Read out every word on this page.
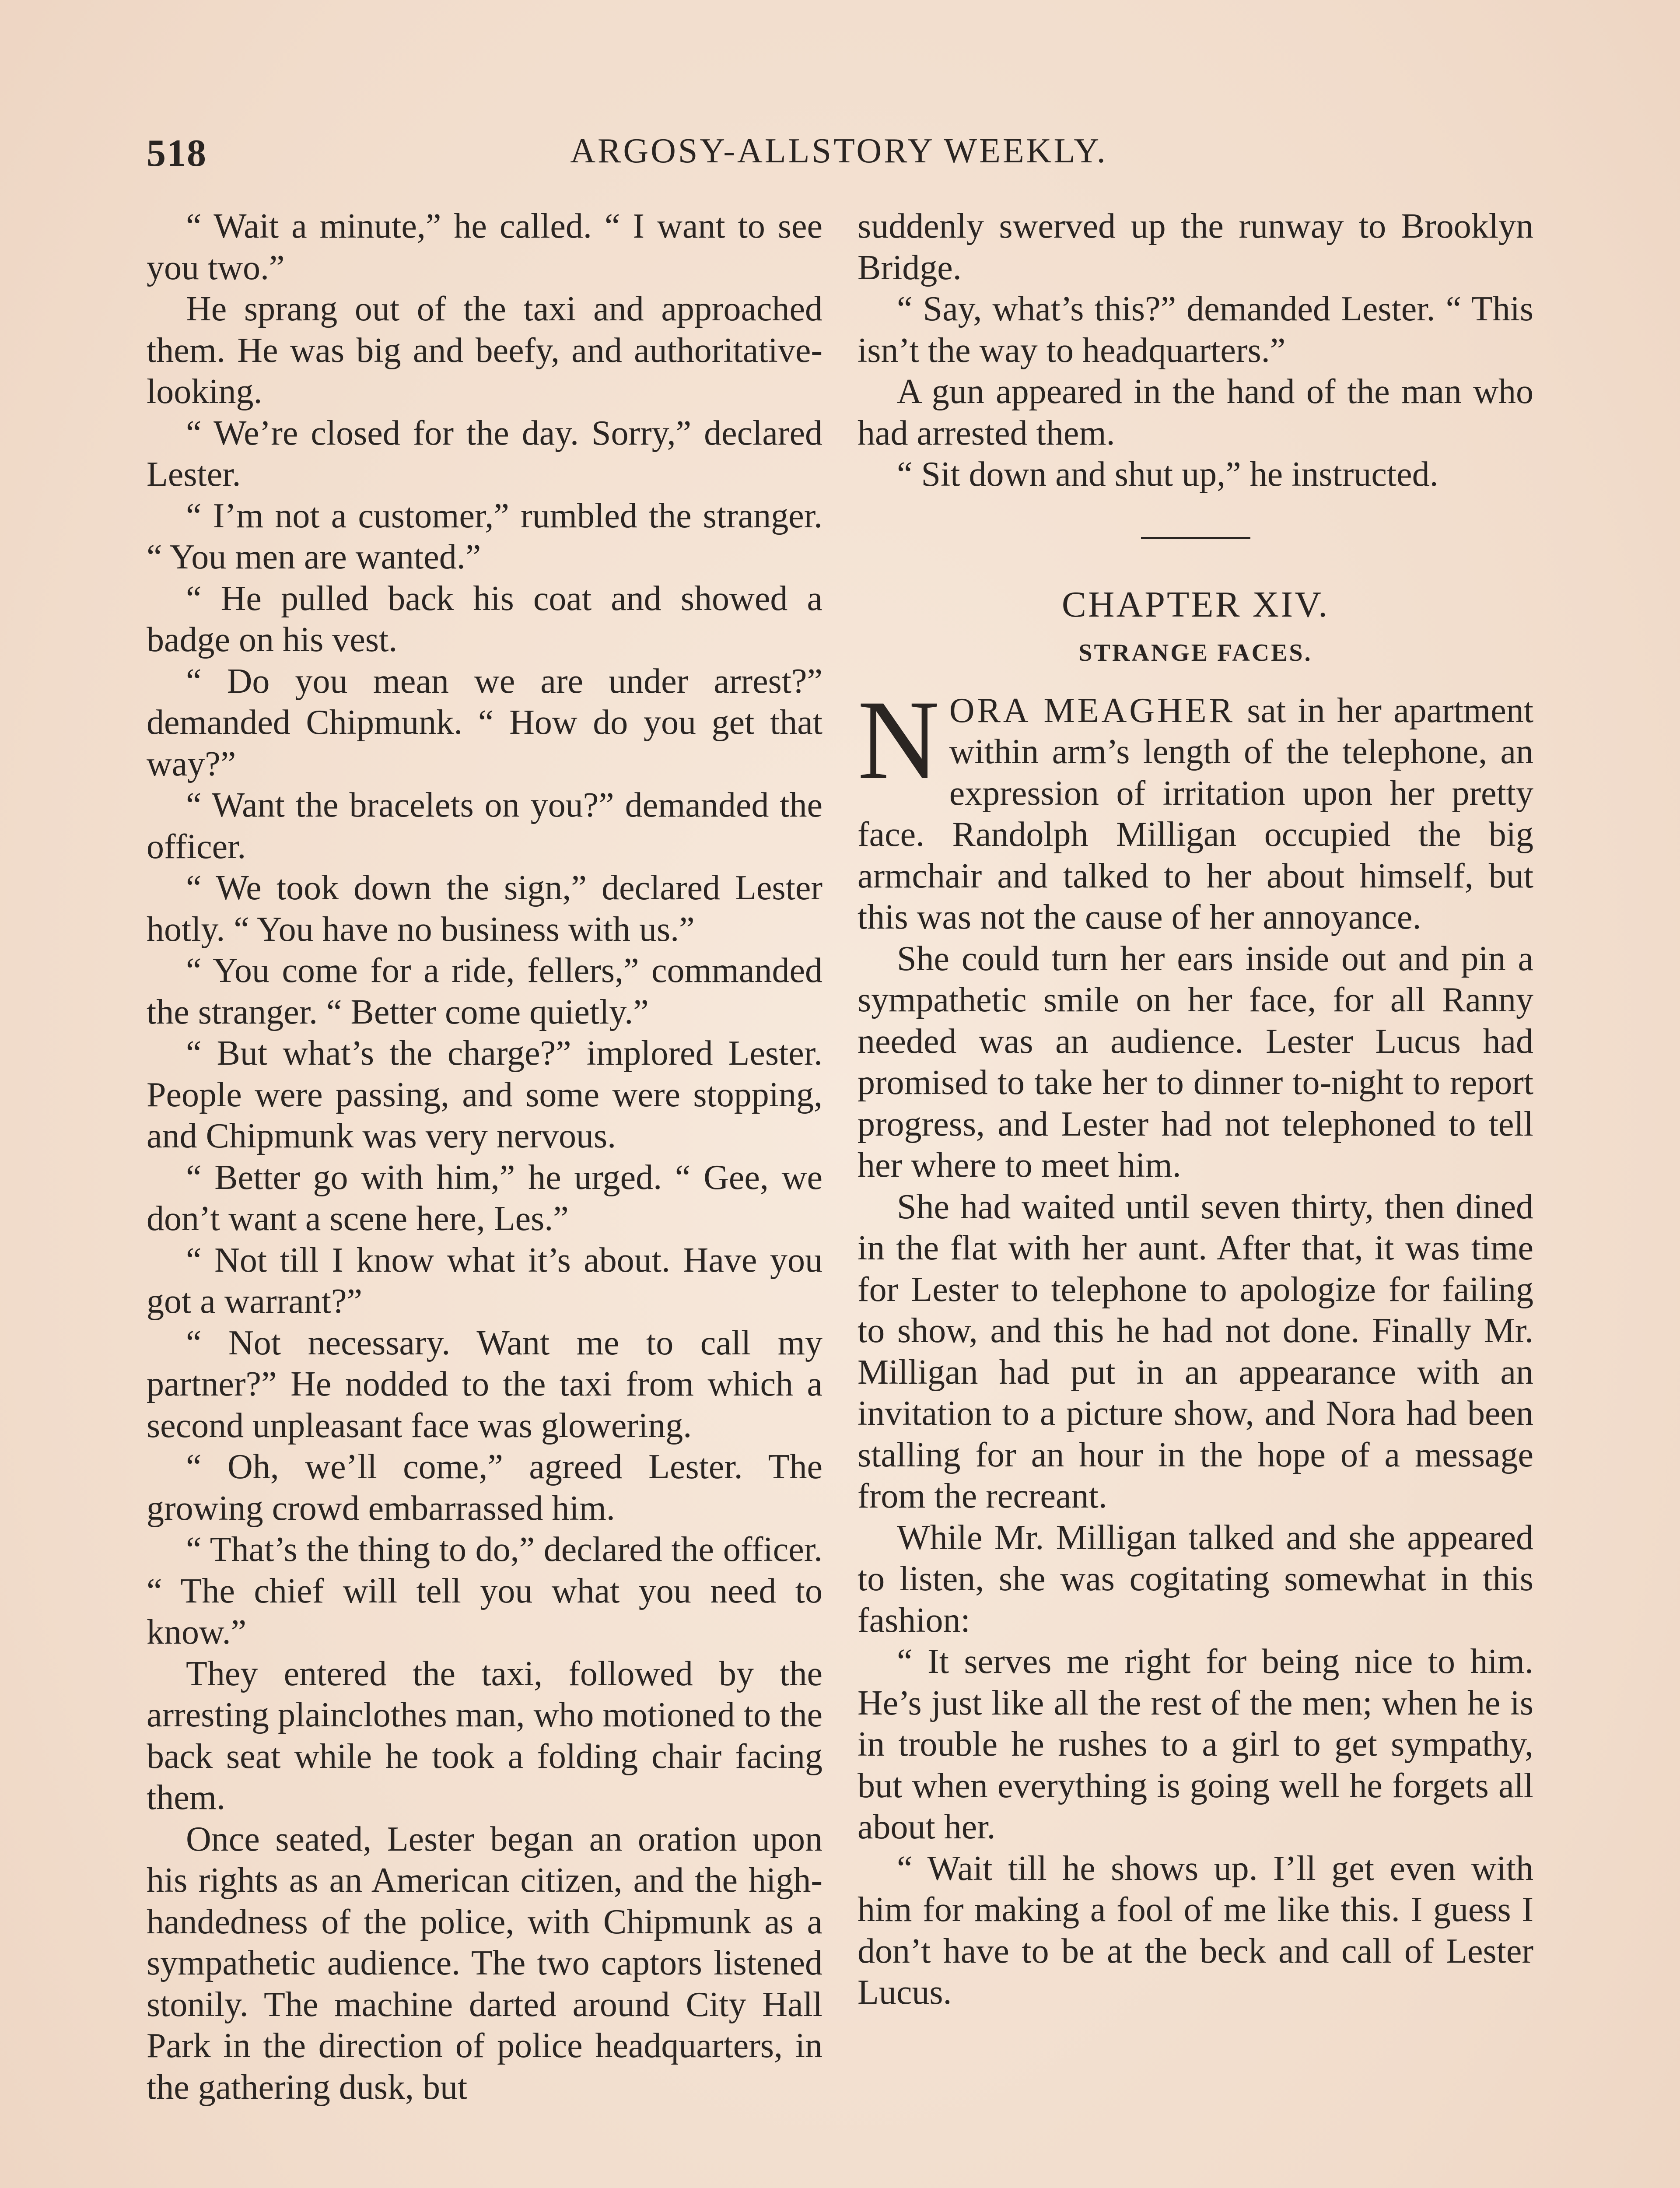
518	ARGOSY-ALLSTORY WEEKLY.

“ Wait a minute,” he called. “ I want to see you two.”

He sprang out of the taxi and approached them. He was big and beefy, and authoritative-looking.

“ We’re closed for the day. Sorry,” declared Lester.

“ I’m not a customer,” rumbled the stranger. “ You men are wanted.”

“ He pulled back his coat and showed a badge on his vest.

“ Do you mean we are under arrest?” demanded Chipmunk. “ How do you get that way?”

“ Want the bracelets on you?” demanded the officer.

“ We took down the sign,” declared Lester hotly. “ You have no business with us.”

“ You come for a ride, fellers,” commanded the stranger. “ Better come quietly.”

“ But what’s the charge?” implored Lester. People were passing, and some were stopping, and Chipmunk was very nervous.

“ Better go with him,” he urged. “ Gee, we don’t want a scene here, Les.”

“ Not till I know what it’s about. Have you got a warrant?”

“ Not necessary. Want me to call my partner?” He nodded to the taxi from which a second unpleasant face was glowering.

“ Oh, we’ll come,” agreed Lester. The growing crowd embarrassed him.

“ That’s the thing to do,” declared the officer. “ The chief will tell you what you need to know.”

They entered the taxi, followed by the arresting plainclothes man, who motioned to the back seat while he took a folding chair facing them.

Once seated, Lester began an oration upon his rights as an American citizen, and the high-handedness of the police, with Chipmunk as a sympathetic audience. The two captors listened stonily. The machine darted around City Hall Park in the direction of police headquarters, in the gathering dusk, but

suddenly swerved up the runway to Brooklyn Bridge.

“ Say, what’s this?” demanded Lester. “ This isn’t the way to headquarters.”

A gun appeared in the hand of the man who had arrested them.

“ Sit down and shut up,” he instructed.

CHAPTER XIV.
STRANGE FACES.

NORA MEAGHER sat in her apartment within arm’s length of the telephone, an expression of irritation upon her pretty face. Randolph Milligan occupied the big armchair and talked to her about himself, but this was not the cause of her annoyance.

She could turn her ears inside out and pin a sympathetic smile on her face, for all Ranny needed was an audience. Lester Lucus had promised to take her to dinner to-night to report progress, and Lester had not telephoned to tell her where to meet him.

She had waited until seven thirty, then dined in the flat with her aunt. After that, it was time for Lester to telephone to apologize for failing to show, and this he had not done. Finally Mr. Milligan had put in an appearance with an invitation to a picture show, and Nora had been stalling for an hour in the hope of a message from the recreant.

While Mr. Milligan talked and she appeared to listen, she was cogitating somewhat in this fashion:

“ It serves me right for being nice to him. He’s just like all the rest of the men; when he is in trouble he rushes to a girl to get sympathy, but when everything is going well he forgets all about her.

“ Wait till he shows up. I’ll get even with him for making a fool of me like this. I guess I don’t have to be at the beck and call of Lester Lucus.
